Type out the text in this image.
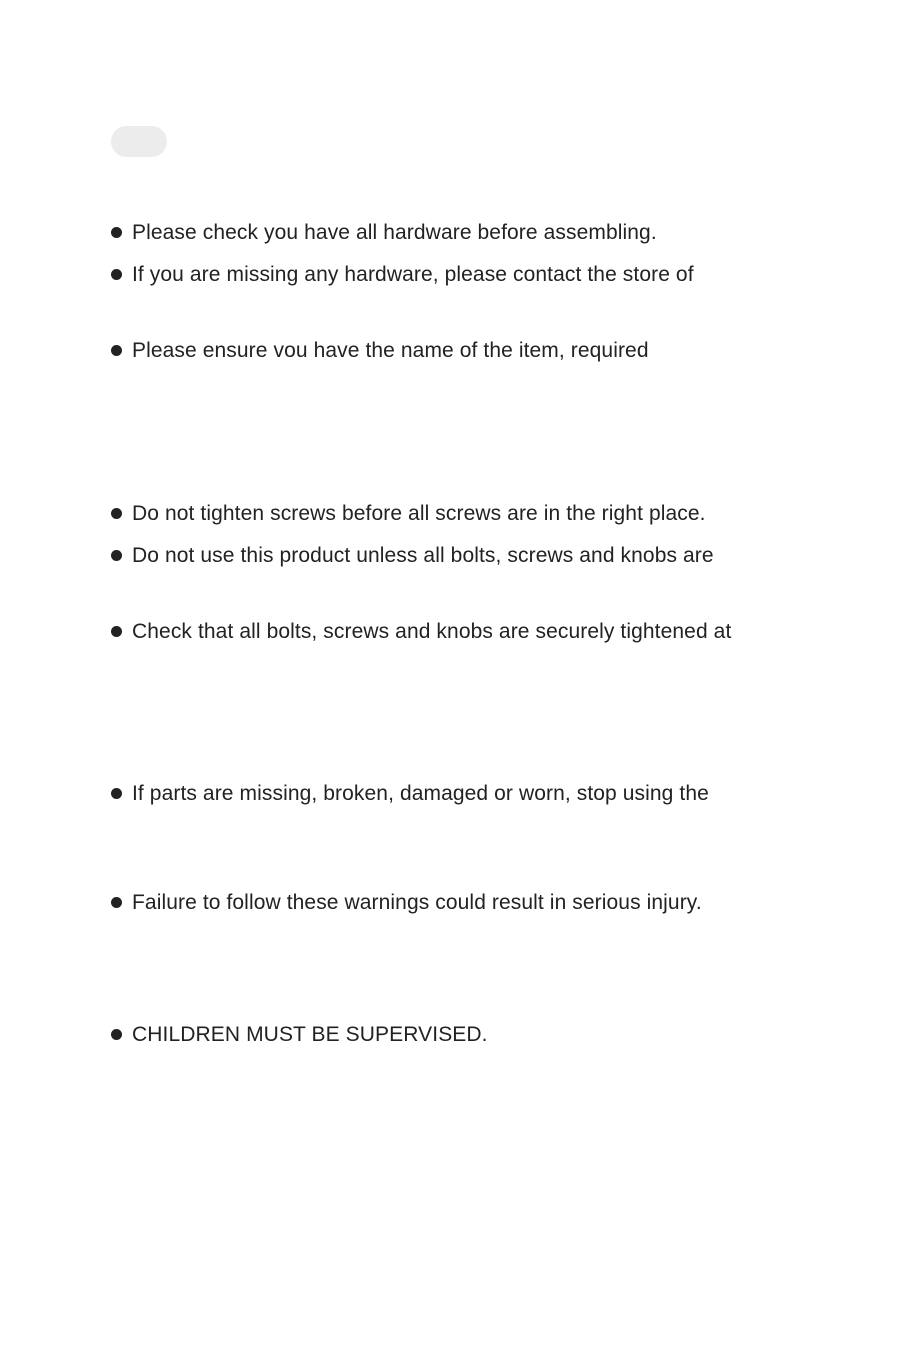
Please check you have all hardware before assembling.
If you are missing any hardware, please contact the store of
Please ensure vou have the name of the item, required
Do not tighten screws before all screws are in the right place.
Do not use this product unless all bolts, screws and knobs are
Check that all bolts, screws and knobs are securely tightened at
If parts are missing, broken, damaged or worn, stop using the
Failure to follow these warnings could result in serious injury.
CHILDREN MUST BE SUPERVISED.
